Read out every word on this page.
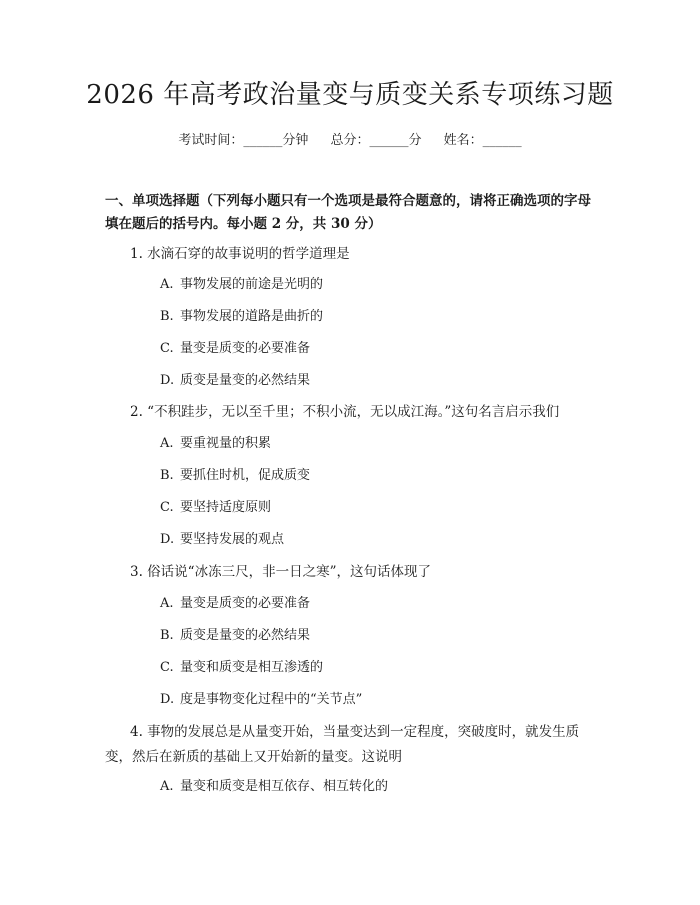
2026 年高考政治量变与质变关系专项练习题
考试时间：______分钟 总分：______分 姓名：______
一、单项选择题（下列每小题只有一个选项是最符合题意的，请将正确选项的字母填在题后的括号内。每小题 2 分，共 30 分）
1. 水滴石穿的故事说明的哲学道理是
A. 事物发展的前途是光明的
B. 事物发展的道路是曲折的
C. 量变是质变的必要准备
D. 质变是量变的必然结果
2. “不积跬步，无以至千里；不积小流，无以成江海。”这句名言启示我们
A. 要重视量的积累
B. 要抓住时机，促成质变
C. 要坚持适度原则
D. 要坚持发展的观点
3. 俗话说“冰冻三尺，非一日之寒”，这句话体现了
A. 量变是质变的必要准备
B. 质变是量变的必然结果
C. 量变和质变是相互渗透的
D. 度是事物变化过程中的“关节点”
4. 事物的发展总是从量变开始，当量变达到一定程度，突破度时，就发生质变，然后在新质的基础上又开始新的量变。这说明
A. 量变和质变是相互依存、相互转化的
